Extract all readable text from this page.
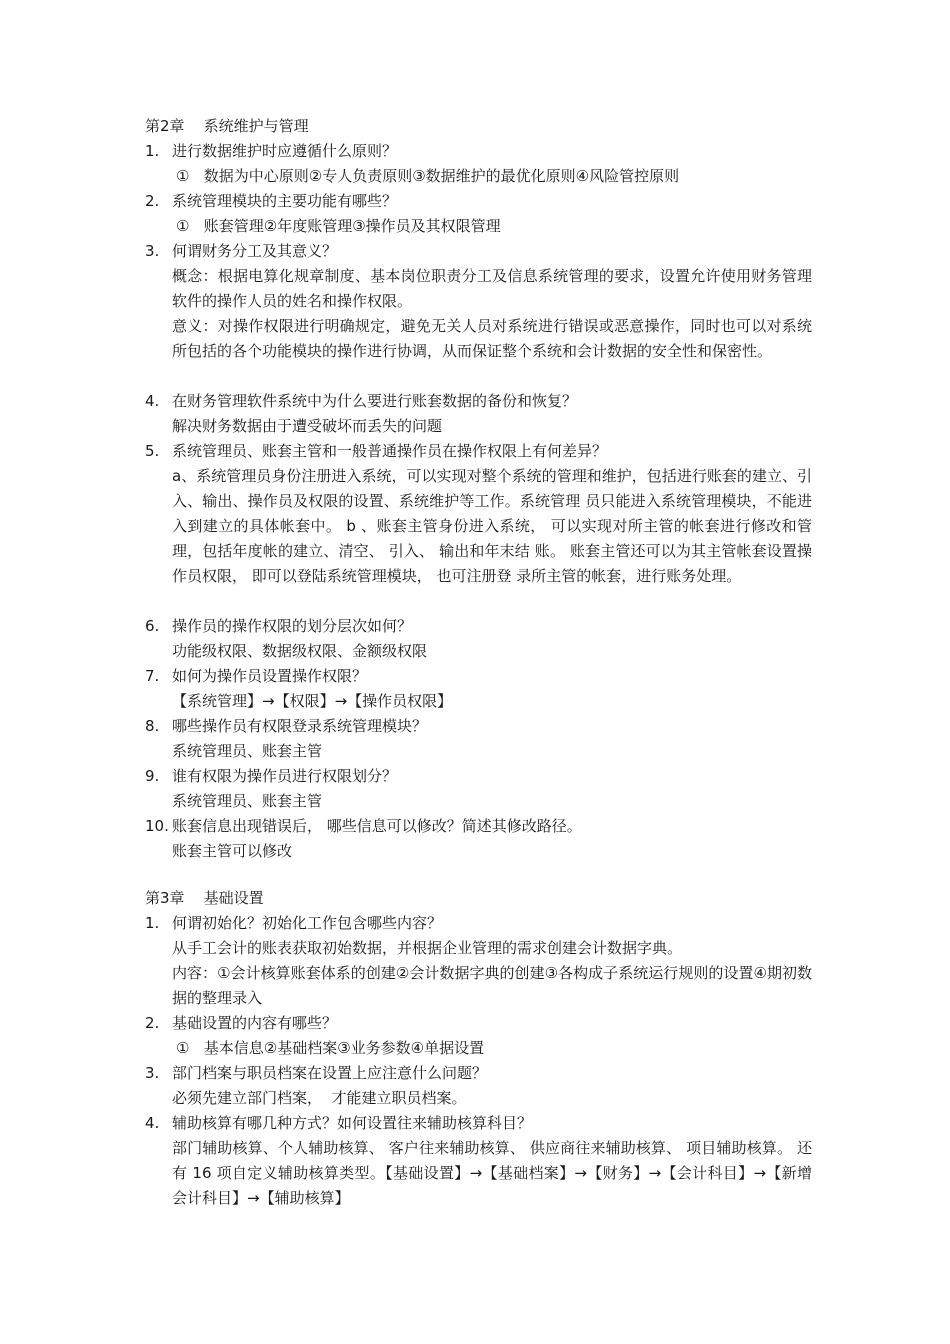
第2章    系统维护与管理
1. 进行数据维护时应遵循什么原则？
①   数据为中心原则②专人负责原则③数据维护的最优化原则④风险管控原则
2. 系统管理模块的主要功能有哪些？
①   账套管理②年度账管理③操作员及其权限管理
3. 何谓财务分工及其意义？
概念：根据电算化规章制度、基本岗位职责分工及信息系统管理的要求，设置允许使用财务管理软件的操作人员的姓名和操作权限。
意义：对操作权限进行明确规定，避免无关人员对系统进行错误或恶意操作，同时也可以对系统所包括的各个功能模块的操作进行协调，从而保证整个系统和会计数据的安全性和保密性。
4. 在财务管理软件系统中为什么要进行账套数据的备份和恢复？
解决财务数据由于遭受破坏而丢失的问题
5. 系统管理员、账套主管和一般普通操作员在操作权限上有何差异？
a、系统管理员身份注册进入系统，可以实现对整个系统的管理和维护，包括进行账套的建立、引入、输出、操作员及权限的设置、系统维护等工作。系统管理 员只能进入系统管理模块，不能进入到建立的具体帐套中。 b 、账套主管身份进入系统， 可以实现对所主管的帐套进行修改和管理，包括年度帐的建立、清空、 引入、 输出和年末结 账。 账套主管还可以为其主管帐套设置操作员权限， 即可以登陆系统管理模块， 也可注册登 录所主管的帐套，进行账务处理。
6. 操作员的操作权限的划分层次如何？
功能级权限、数据级权限、金额级权限
7. 如何为操作员设置操作权限？
【系统管理】→【权限】→【操作员权限】
8. 哪些操作员有权限登录系统管理模块？
系统管理员、账套主管
9. 谁有权限为操作员进行权限划分？
系统管理员、账套主管
10. 账套信息出现错误后， 哪些信息可以修改？简述其修改路径。
账套主管可以修改
第3章    基础设置
1. 何谓初始化？初始化工作包含哪些内容？
从手工会计的账表获取初始数据，并根据企业管理的需求创建会计数据字典。
内容：①会计核算账套体系的创建②会计数据字典的创建③各构成子系统运行规则的设置④期初数据的整理录入
2. 基础设置的内容有哪些？
①   基本信息②基础档案③业务参数④单据设置
3. 部门档案与职员档案在设置上应注意什么问题？
必须先建立部门档案，  才能建立职员档案。
4. 辅助核算有哪几种方式？如何设置往来辅助核算科目？
部门辅助核算、个人辅助核算、 客户往来辅助核算、 供应商往来辅助核算、 项目辅助核算。 还有 16 项自定义辅助核算类型。【基础设置】→【基础档案】→【财务】→【会计科目】→【新增会计科目】→【辅助核算】
